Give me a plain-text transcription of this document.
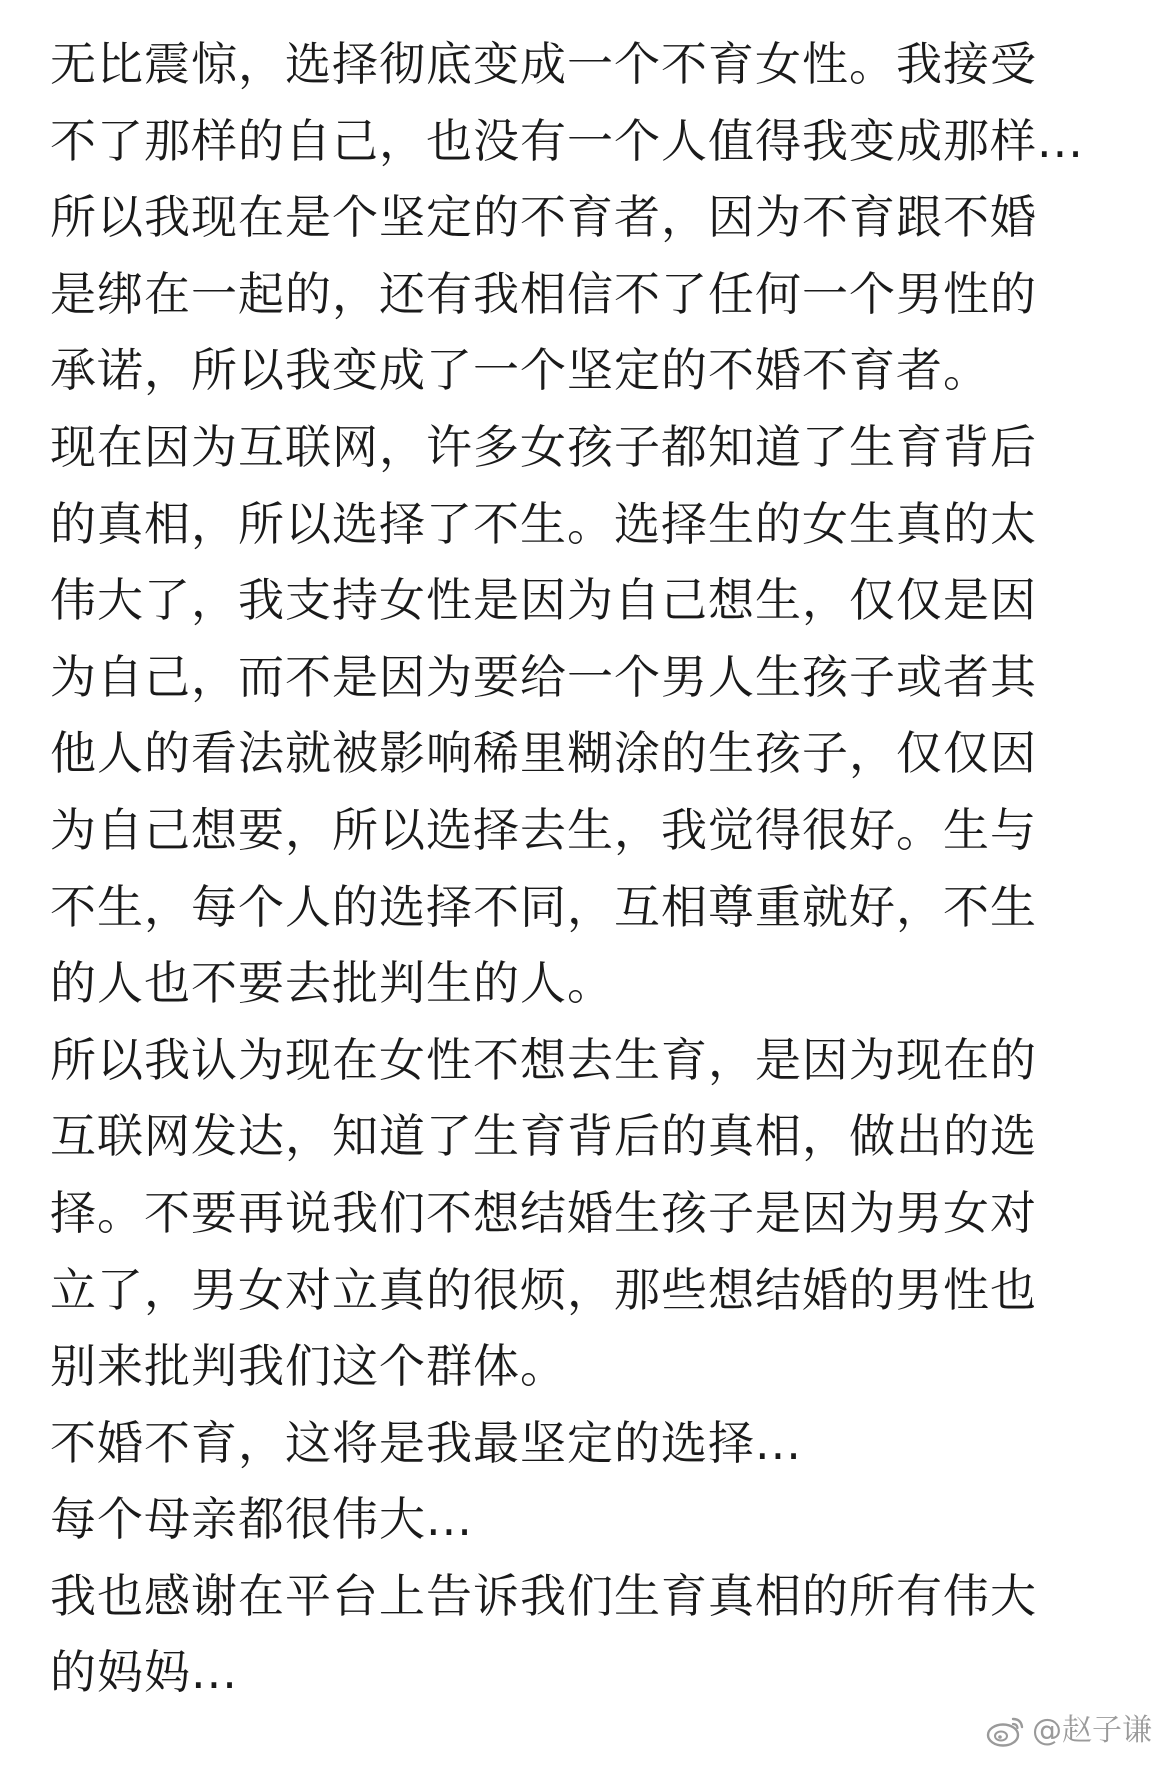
无比震惊，选择彻底变成一个不育女性。我接受
不了那样的自己，也没有一个人值得我变成那样...
所以我现在是个坚定的不育者，因为不育跟不婚
是绑在一起的，还有我相信不了任何一个男性的
承诺，所以我变成了一个坚定的不婚不育者。
现在因为互联网，许多女孩子都知道了生育背后
的真相，所以选择了不生。选择生的女生真的太
伟大了，我支持女性是因为自己想生，仅仅是因
为自己，而不是因为要给一个男人生孩子或者其
他人的看法就被影响稀里糊涂的生孩子，仅仅因
为自己想要，所以选择去生，我觉得很好。生与
不生，每个人的选择不同，互相尊重就好，不生
的人也不要去批判生的人。
所以我认为现在女性不想去生育，是因为现在的
互联网发达，知道了生育背后的真相，做出的选
择。不要再说我们不想结婚生孩子是因为男女对
立了，男女对立真的很烦，那些想结婚的男性也
别来批判我们这个群体。
不婚不育，这将是我最坚定的选择...
每个母亲都很伟大...
我也感谢在平台上告诉我们生育真相的所有伟大
的妈妈...
@赵子谦
